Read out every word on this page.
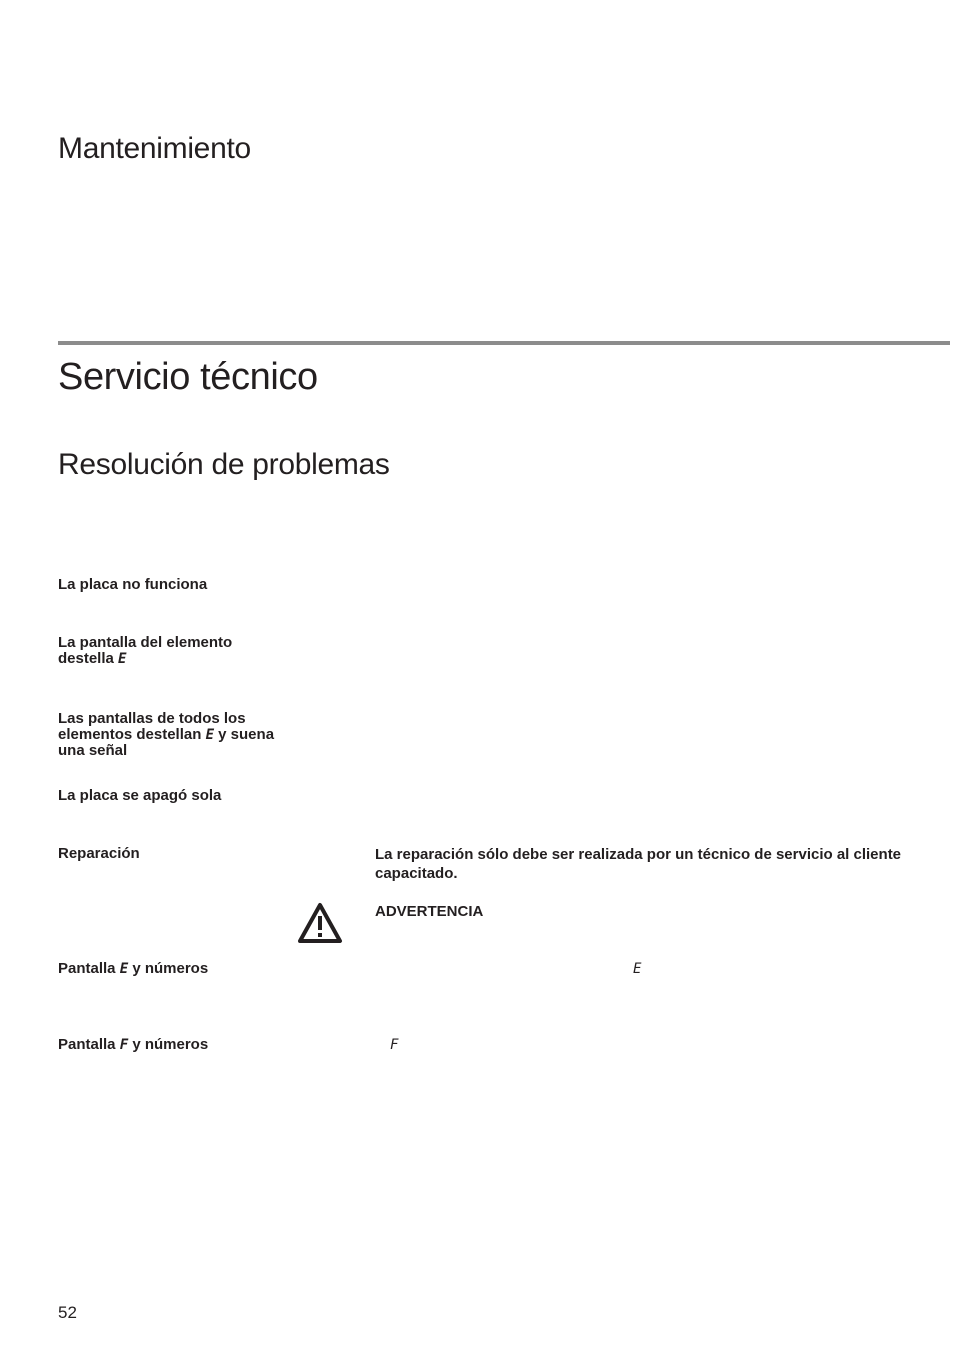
Mantenimiento
Servicio técnico
Resolución de problemas
La placa no funciona
La pantalla del elemento
destella E
Las pantallas de todos los
elementos destellan E y suena
una señal
La placa se apagó sola
Reparación	La reparación sólo debe ser realizada por un técnico de servicio al cliente capacitado.
ADVERTENCIA
Pantalla E y números	E
Pantalla F y números	F
52
